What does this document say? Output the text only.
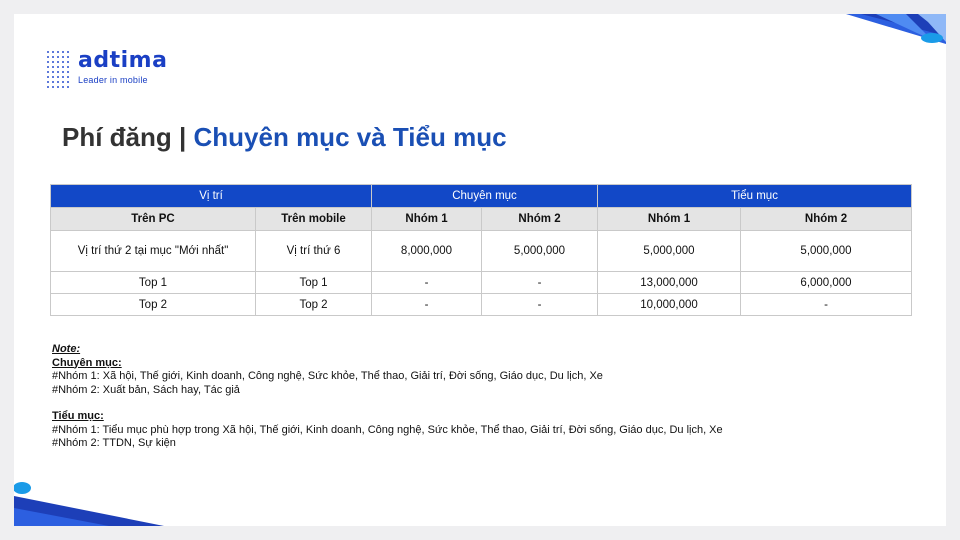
adtima
Leader in mobile
Phí đăng | Chuyên mục và Tiểu mục
Vị trí		Chuyên mục		Tiểu mục	
Trên PC	Trên mobile	Nhóm 1	Nhóm 2	Nhóm 1	Nhóm 2
Vị trí thứ 2 tại mục "Mới nhất"	Vị trí thứ 6	8,000,000	5,000,000	5,000,000	5,000,000
Top 1	Top 1	-	-	13,000,000	6,000,000
Top 2	Top 2	-	-	10,000,000	-
Note:
Chuyên mục:
#Nhóm 1: Xã hội, Thế giới, Kinh doanh, Công nghệ, Sức khỏe, Thể thao, Giải trí, Đời sống, Giáo dục, Du lịch, Xe
#Nhóm 2: Xuất bản, Sách hay, Tác giả
Tiểu mục:
#Nhóm 1: Tiểu mục phù hợp trong Xã hội, Thế giới, Kinh doanh, Công nghệ, Sức khỏe, Thể thao, Giải trí, Đời sống, Giáo dục, Du lịch, Xe
#Nhóm 2: TTDN, Sự kiện
